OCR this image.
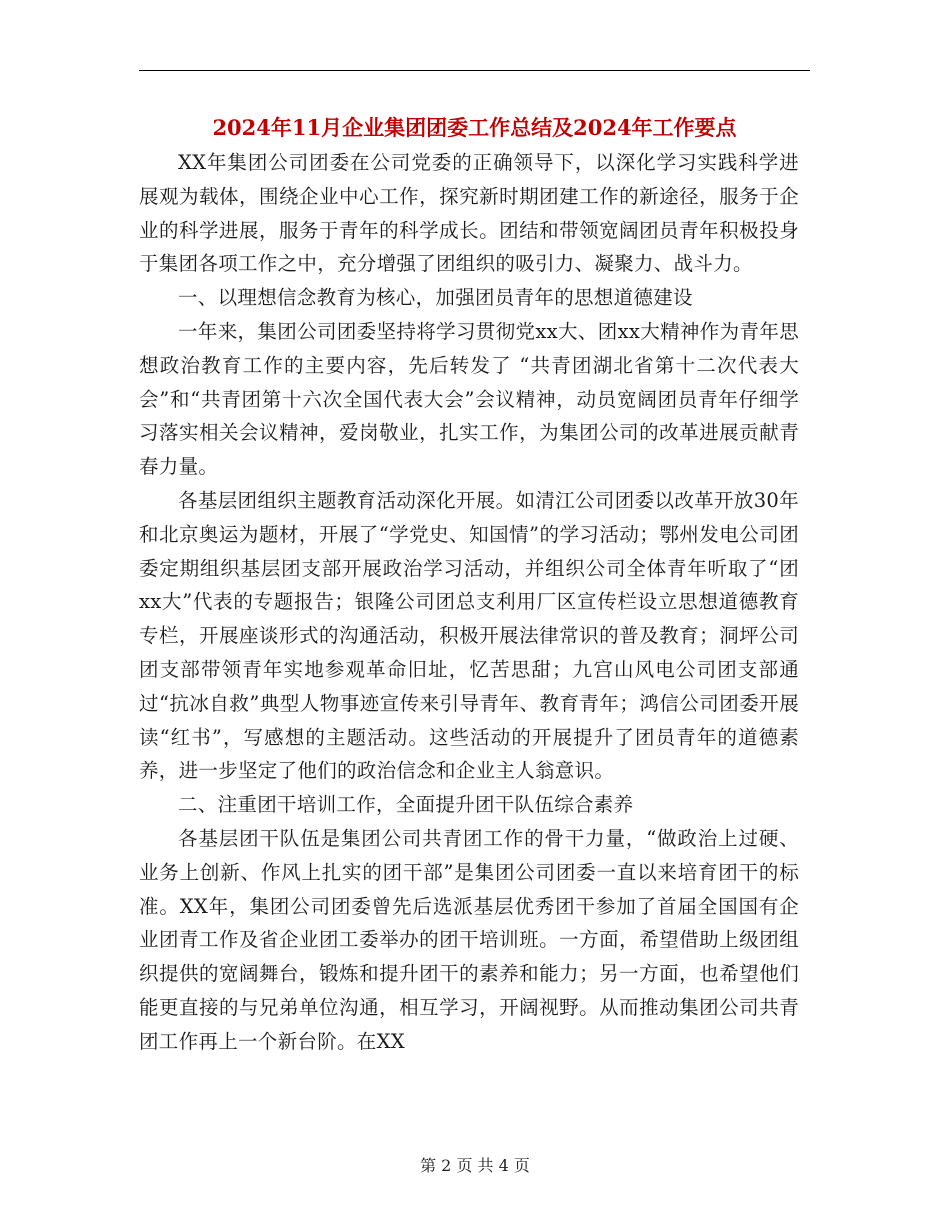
2024年11月企业集团团委工作总结及2024年工作要点

XX年集团公司团委在公司党委的正确领导下，以深化学习实践科学进展观为载体，围绕企业中心工作，探究新时期团建工作的新途径，服务于企业的科学进展，服务于青年的科学成长。团结和带领宽阔团员青年积极投身于集团各项工作之中，充分增强了团组织的吸引力、凝聚力、战斗力。

一、以理想信念教育为核心，加强团员青年的思想道德建设

一年来，集团公司团委坚持将学习贯彻党xx大、团xx大精神作为青年思想政治教育工作的主要内容，先后转发了 “共青团湖北省第十二次代表大会”和“共青团第十六次全国代表大会”会议精神，动员宽阔团员青年仔细学习落实相关会议精神，爱岗敬业，扎实工作，为集团公司的改革进展贡献青春力量。

各基层团组织主题教育活动深化开展。如清江公司团委以改革开放30年和北京奥运为题材，开展了“学党史、知国情”的学习活动；鄂州发电公司团委定期组织基层团支部开展政治学习活动，并组织公司全体青年听取了“团xx大”代表的专题报告；银隆公司团总支利用厂区宣传栏设立思想道德教育专栏，开展座谈形式的沟通活动，积极开展法律常识的普及教育；洞坪公司团支部带领青年实地参观革命旧址，忆苦思甜；九宫山风电公司团支部通过“抗冰自救”典型人物事迹宣传来引导青年、教育青年；鸿信公司团委开展读“红书”，写感想的主题活动。这些活动的开展提升了团员青年的道德素养，进一步坚定了他们的政治信念和企业主人翁意识。

二、注重团干培训工作，全面提升团干队伍综合素养

各基层团干队伍是集团公司共青团工作的骨干力量，“做政治上过硬、业务上创新、作风上扎实的团干部”是集团公司团委一直以来培育团干的标准。XX年，集团公司团委曾先后选派基层优秀团干参加了首届全国国有企业团青工作及省企业团工委举办的团干培训班。一方面，希望借助上级团组织提供的宽阔舞台，锻炼和提升团干的素养和能力；另一方面，也希望他们能更直接的与兄弟单位沟通，相互学习，开阔视野。从而推动集团公司共青团工作再上一个新台阶。在XX

第 2 页 共 4 页
